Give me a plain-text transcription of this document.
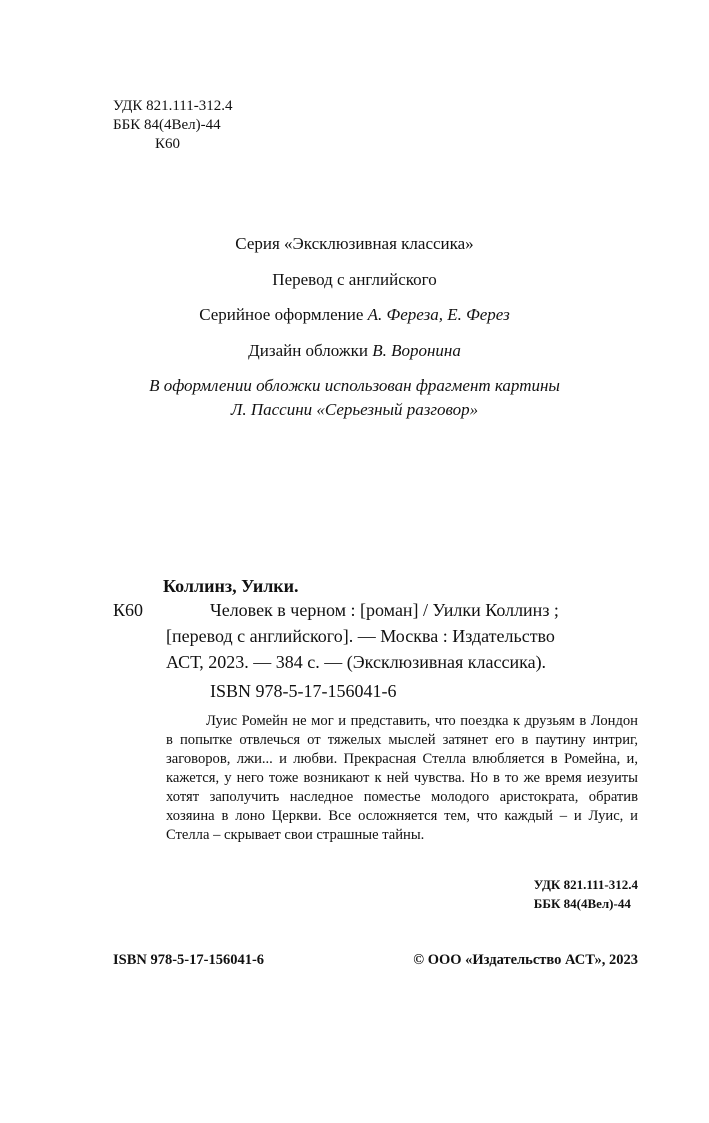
УДК 821.111-312.4
ББК 84(4Вел)-44
К60
Серия «Эксклюзивная классика»
Перевод с английского
Серийное оформление А. Фереза, Е. Ферез
Дизайн обложки В. Воронина
В оформлении обложки использован фрагмент картины
Л. Пассини «Серьезный разговор»
Коллинз, Уилки.
К60	Человек в черном : [роман] / Уилки Коллинз ;
[перевод с английского]. — Москва : Издательство
АСТ, 2023. — 384 с. — (Эксклюзивная классика).
ISBN 978-5-17-156041-6
Луис Ромейн не мог и представить, что поездка к друзьям в Лондон в попытке отвлечься от тяжелых мыслей затянет его в паутину интриг, заговоров, лжи... и любви. Прекрасная Стелла влюбляется в Ромейна, и, кажется, у него тоже возникают к ней чувства. Но в то же время иезуиты хотят заполучить наследное поместье молодого аристократа, обратив хозяина в лоно Церкви. Все осложняется тем, что каждый – и Луис, и Стелла – скрывает свои страшные тайны.
УДК 821.111-312.4
ББК 84(4Вел)-44
ISBN 978-5-17-156041-6	© ООО «Издательство АСТ», 2023
